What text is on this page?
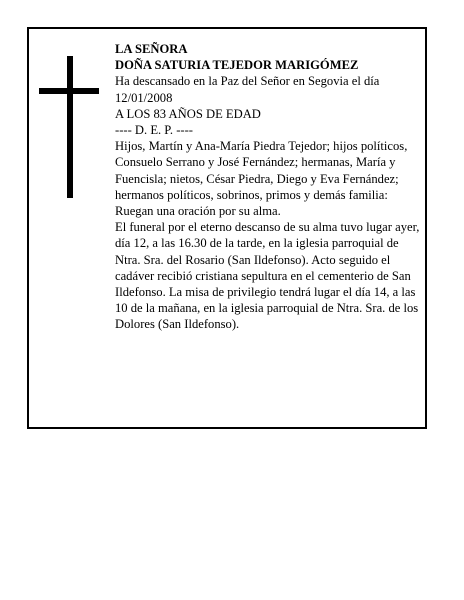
LA SEÑORA

DOÑA SATURIA TEJEDOR MARIGÓMEZ

Ha descansado en la Paz del Señor en Segovia el día 12/01/2008

A LOS 83 AÑOS DE EDAD

---- D. E. P. ----

Hijos, Martín y Ana-María Piedra Tejedor; hijos políticos, Consuelo Serrano y José Fernández; hermanas, María y Fuencisla; nietos, César Piedra, Diego y Eva Fernández; hermanos políticos, sobrinos, primos y demás familia:

Ruegan una oración por su alma.

El funeral por el eterno descanso de su alma tuvo lugar ayer, día 12, a las 16.30 de la tarde, en la iglesia parroquial de Ntra. Sra. del Rosario (San Ildefonso). Acto seguido el cadáver recibió cristiana sepultura en el cementerio de San Ildefonso. La misa de privilegio tendrá lugar el día 14, a las 10 de la mañana, en la iglesia parroquial de Ntra. Sra. de los Dolores (San Ildefonso).
